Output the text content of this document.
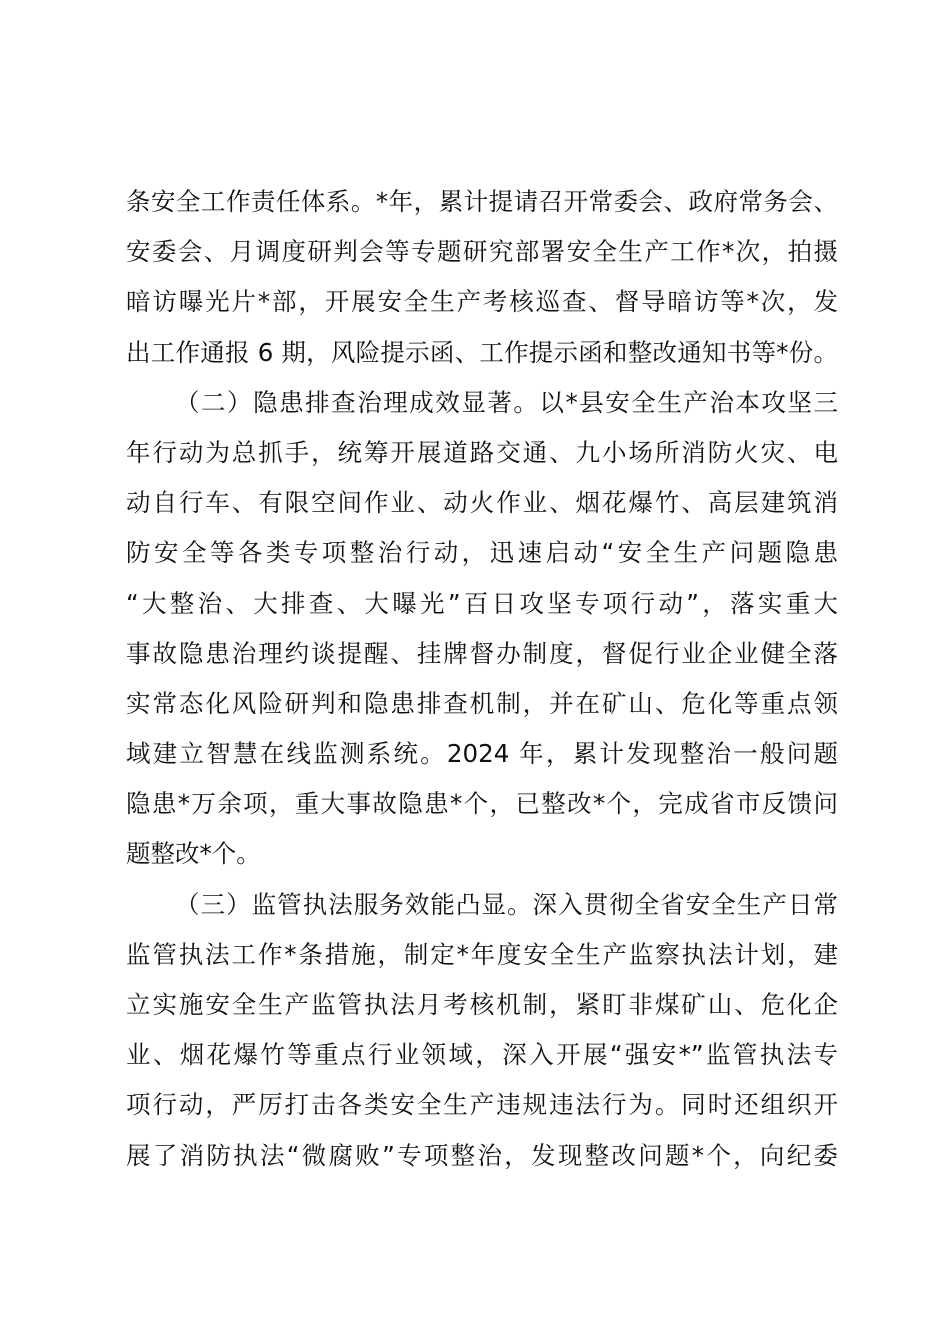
条安全工作责任体系。*年，累计提请召开常委会、政府常务会、
安委会、月调度研判会等专题研究部署安全生产工作*次，拍摄
暗访曝光片*部，开展安全生产考核巡查、督导暗访等*次，发
出工作通报 6 期，风险提示函、工作提示函和整改通知书等*份。
（二）隐患排查治理成效显著。以*县安全生产治本攻坚三
年行动为总抓手，统筹开展道路交通、九小场所消防火灾、电
动自行车、有限空间作业、动火作业、烟花爆竹、高层建筑消
防安全等各类专项整治行动，迅速启动“安全生产问题隐患
“大整治、大排查、大曝光”百日攻坚专项行动”，落实重大
事故隐患治理约谈提醒、挂牌督办制度，督促行业企业健全落
实常态化风险研判和隐患排查机制，并在矿山、危化等重点领
域建立智慧在线监测系统。2024 年，累计发现整治一般问题
隐患*万余项，重大事故隐患*个，已整改*个，完成省市反馈问
题整改*个。
（三）监管执法服务效能凸显。深入贯彻全省安全生产日常
监管执法工作*条措施，制定*年度安全生产监察执法计划，建
立实施安全生产监管执法月考核机制，紧盯非煤矿山、危化企
业、烟花爆竹等重点行业领域，深入开展“强安*”监管执法专
项行动，严厉打击各类安全生产违规违法行为。同时还组织开
展了消防执法“微腐败”专项整治，发现整改问题*个，向纪委
